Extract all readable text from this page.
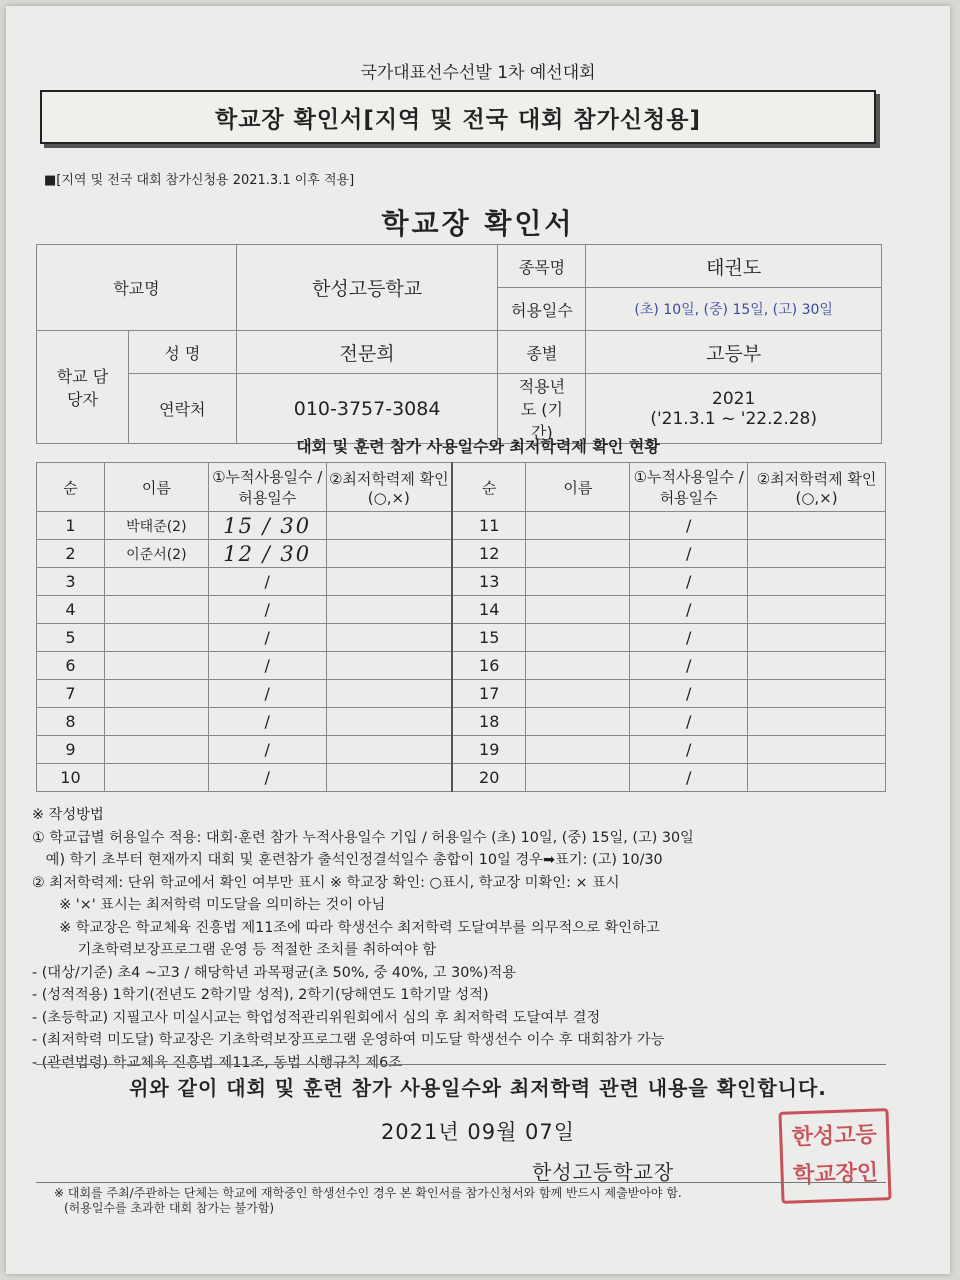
국가대표선수선발 1차 예선대회
학교장 확인서[지역 및 전국 대회 참가신청용]
■[지역 및 전국 대회 참가신청용 2021.3.1 이후 적용]
학교장 확인서
학교명		한성고등학교	종목명	태권도
			허용일수	(초) 10일, (중) 15일, (고) 30일
학교 담당자	성 명	전문희	종별	고등부
	연락처	010-3757-3084	적용년도 (기간)	2021
('21.3.1 ~ '22.2.28)
대회 및 훈련 참가 사용일수와 최저학력제 확인 현황
순	이름	①누적사용일수 /허용일수	②최저학력제 확인(○,×)	순	이름	①누적사용일수 /허용일수	②최저학력제 확인(○,×)
1	박태준(2)	15 / 30		11		/	
2	이준서(2)	12 / 30		12		/	
3		/		13		/	
4		/		14		/	
5		/		15		/	
6		/		16		/	
7		/		17		/	
8		/		18		/	
9		/		19		/	
10		/		20		/	
※ 작성방법
① 학교급별 허용일수 적용: 대회·훈련 참가 누적사용일수 기입 / 허용일수 (초) 10일, (중) 15일, (고) 30일
예) 학기 초부터 현재까지 대회 및 훈련참가 출석인정결석일수 총합이 10일 경우➡표기: (고) 10/30
② 최저학력제: 단위 학교에서 확인 여부만 표시 ※ 학교장 확인: ○표시, 학교장 미확인: × 표시
※ '×' 표시는 최저학력 미도달을 의미하는 것이 아님
※ 학교장은 학교체육 진흥법 제11조에 따라 학생선수 최저학력 도달여부를 의무적으로 확인하고
기초학력보장프로그램 운영 등 적절한 조치를 취하여야 함
- (대상/기준) 초4 ~고3 / 해당학년 과목평균(초 50%, 중 40%, 고 30%)적용
- (성적적용) 1학기(전년도 2학기말 성적), 2학기(당해연도 1학기말 성적)
- (초등학교) 지필고사 미실시교는 학업성적관리위원회에서 심의 후 최저학력 도달여부 결정
- (최저학력 미도달) 학교장은 기초학력보장프로그램 운영하여 미도달 학생선수 이수 후 대회참가 가능
- (관련법령) 학교체육 진흥법 제11조, 동법 시행규칙 제6조
위와 같이 대회 및 훈련 참가 사용일수와 최저학력 관련 내용을 확인합니다.
2021년 09월 07일
한성고등학교장
한성고등학교장인
※ 대회를 주최/주관하는 단체는 학교에 재학중인 학생선수인 경우 본 확인서를 참가신청서와 함께 반드시 제출받아야 함.
(허용일수를 초과한 대회 참가는 불가함)
